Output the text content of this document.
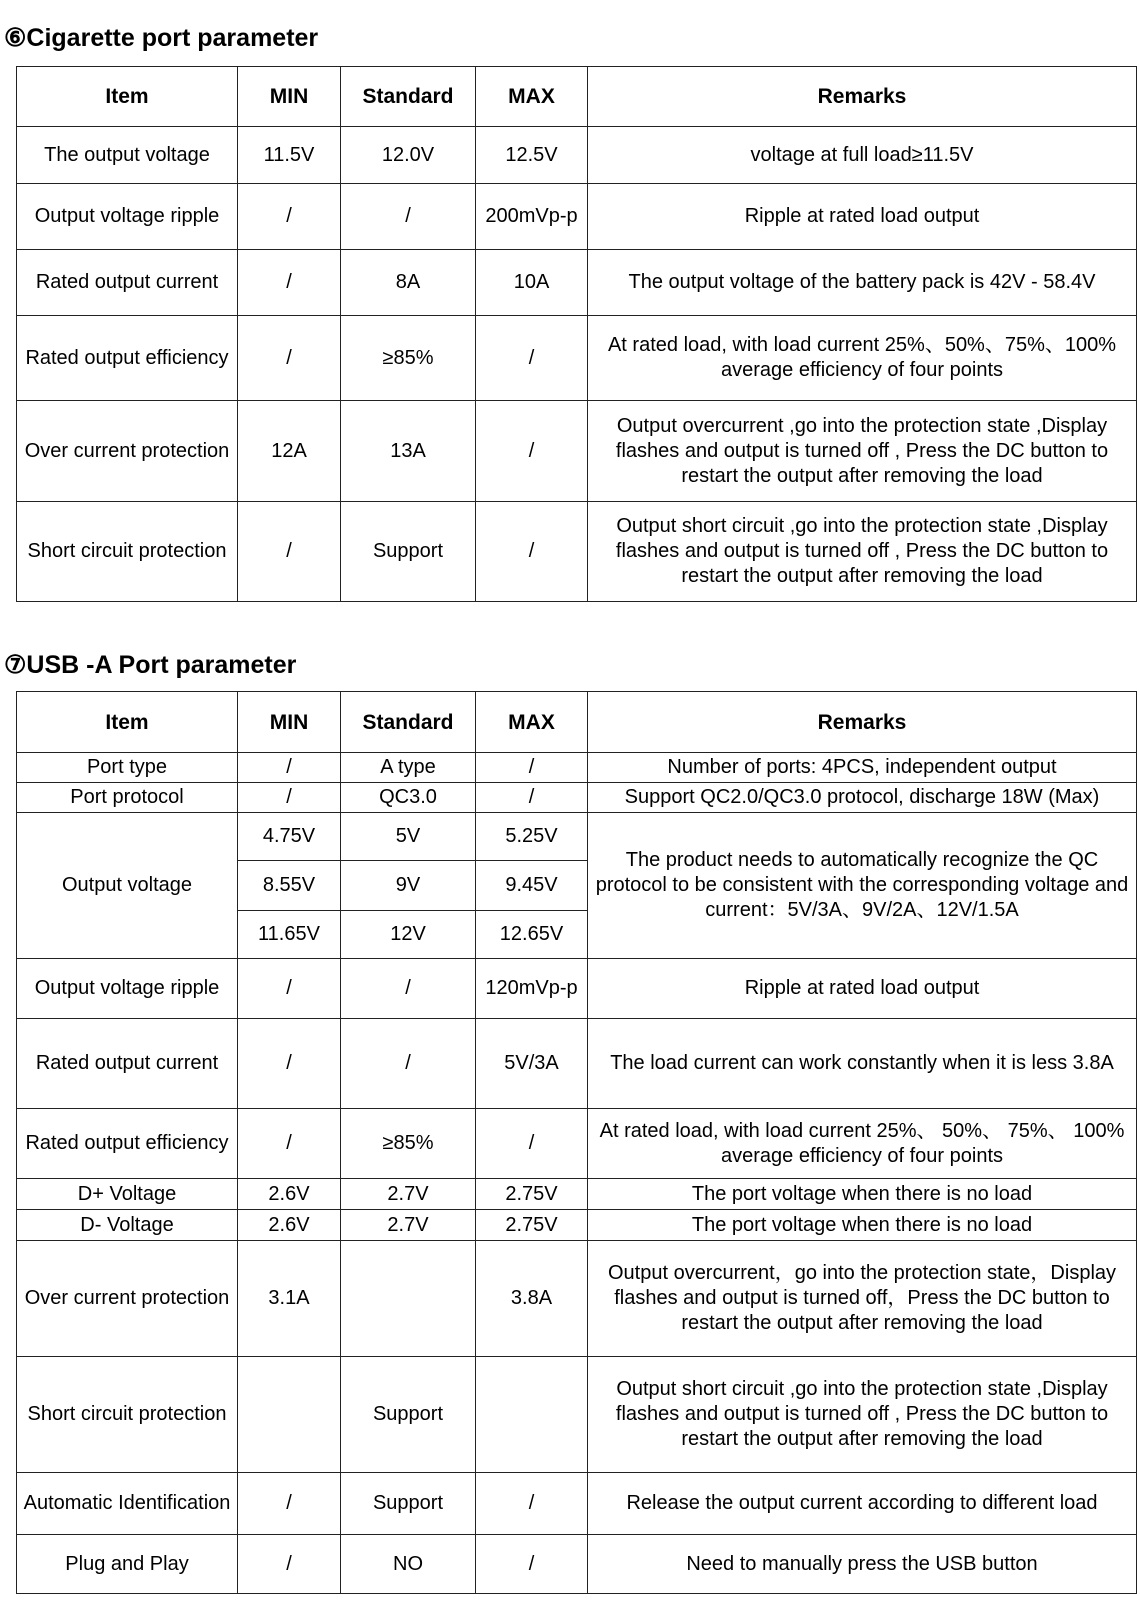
⑥Cigarette port parameter
Item	MIN	Standard	MAX	Remarks
The output voltage	11.5V	12.0V	12.5V	voltage at full load≥11.5V
Output voltage ripple	/	/	200mVp-p	Ripple at rated load output
Rated output current	/	8A	10A	The output voltage of the battery pack is 42V - 58.4V
Rated output efficiency	/	≥85%	/	At rated load, with load current 25%、50%、75%、100% average efficiency of four points
Over current protection	12A	13A	/	Output overcurrent ,go into the protection state ,Display flashes and output is turned off , Press the DC button to restart the output after removing the load
Short circuit protection	/	Support	/	Output short circuit ,go into the protection state ,Display flashes and output is turned off , Press the DC button to restart the output after removing the load
⑦USB -A Port parameter
Item	MIN	Standard	MAX	Remarks
Port type	/	A type	/	Number of ports: 4PCS, independent output
Port protocol	/	QC3.0	/	Support QC2.0/QC3.0 protocol, discharge 18W (Max)
Output voltage	4.75V	5V	5.25V	The product needs to automatically recognize the QC protocol to be consistent with the corresponding voltage and current：5V/3A、9V/2A、12V/1.5A
	8.55V	9V	9.45V	
	11.65V	12V	12.65V	
Output voltage ripple	/	/	120mVp-p	Ripple at rated load output
Rated output current	/	/	5V/3A	The load current can work constantly when it is less 3.8A
Rated output efficiency	/	≥85%	/	At rated load, with load current 25%、 50%、 75%、 100% average efficiency of four points
D+ Voltage	2.6V	2.7V	2.75V	The port voltage when there is no load
D- Voltage	2.6V	2.7V	2.75V	The port voltage when there is no load
Over current protection	3.1A		3.8A	Output overcurrent，go into the protection state，Display flashes and output is turned off，Press the DC button to restart the output after removing the load
Short circuit protection		Support		Output short circuit ,go into the protection state ,Display flashes and output is turned off , Press the DC button to restart the output after removing the load
Automatic Identification	/	Support	/	Release the output current according to different load
Plug and Play	/	NO	/	Need to manually press the USB button
